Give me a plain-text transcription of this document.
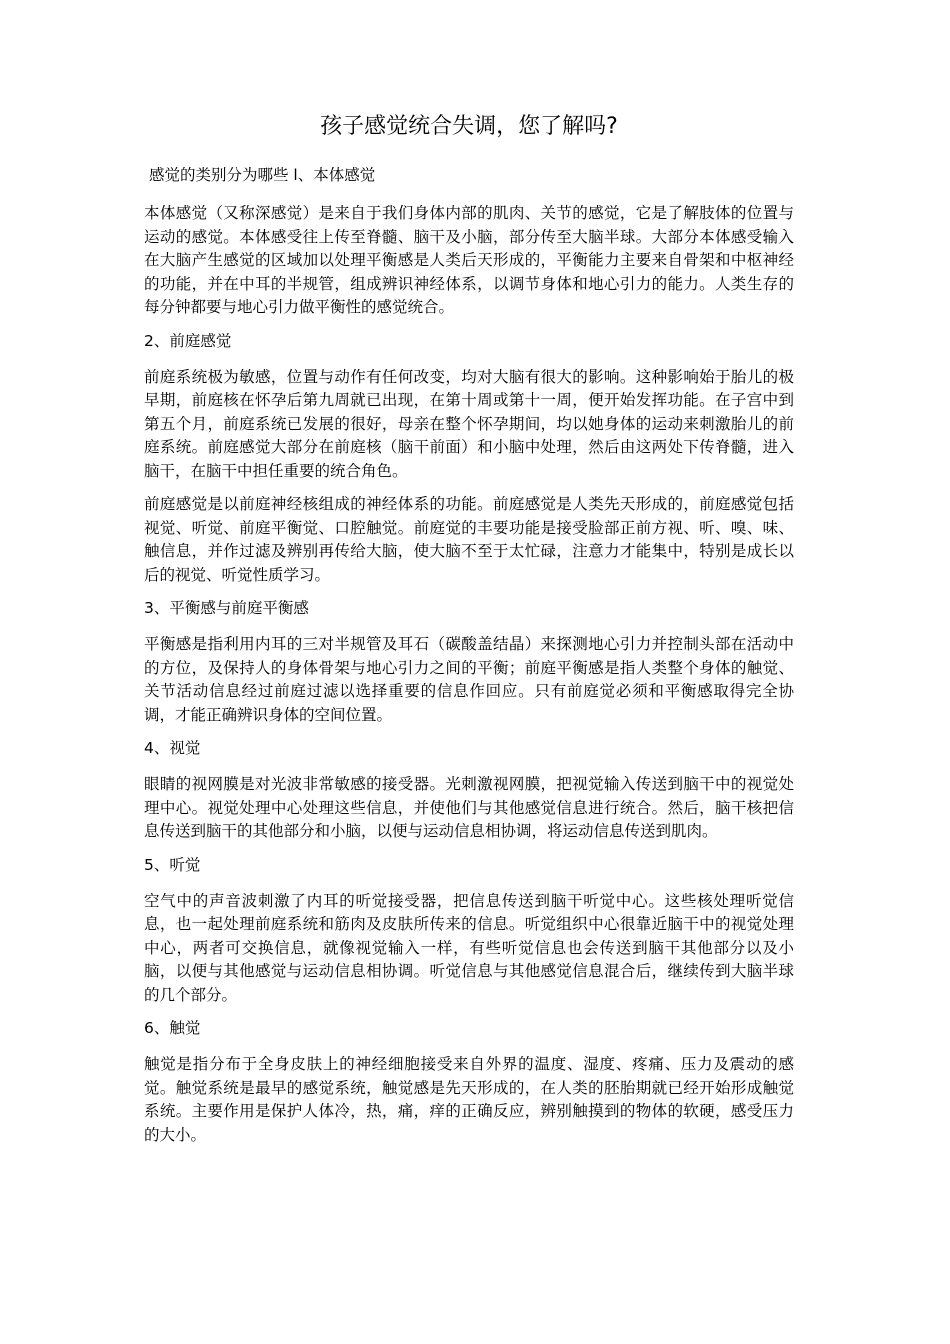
孩子感觉统合失调，您了解吗?
感觉的类别分为哪些 l、本体感觉

本体感觉（又称深感觉）是来自于我们身体内部的肌肉、关节的感觉，它是了解肢体的位置与运动的感觉。本体感受往上传至脊髓、脑干及小脑，部分传至大脑半球。大部分本体感受输入在大脑产生感觉的区域加以处理平衡感是人类后天形成的，平衡能力主要来自骨架和中枢神经的功能，并在中耳的半规管，组成辨识神经体系，以调节身体和地心引力的能力。人类生存的每分钟都要与地心引力做平衡性的感觉统合。

2、前庭感觉

前庭系统极为敏感，位置与动作有任何改变，均对大脑有很大的影响。这种影响始于胎儿的极早期，前庭核在怀孕后第九周就已出现，在第十周或第十一周，便开始发挥功能。在子宫中到第五个月，前庭系统已发展的很好，母亲在整个怀孕期间，均以她身体的运动来刺激胎儿的前庭系统。前庭感觉大部分在前庭核（脑干前面）和小脑中处理，然后由这两处下传脊髓，进入脑干，在脑干中担任重要的统合角色。

前庭感觉是以前庭神经核组成的神经体系的功能。前庭感觉是人类先天形成的，前庭感觉包括视觉、听觉、前庭平衡觉、口腔触觉。前庭觉的丰要功能是接受脸部正前方视、听、嗅、味、触信息，并作过滤及辨别再传给大脑，使大脑不至于太忙碌，注意力才能集中，特别是成长以后的视觉、听觉性质学习。

3、平衡感与前庭平衡感

平衡感是指利用内耳的三对半规管及耳石（碳酸盖结晶）来探测地心引力并控制头部在活动中的方位，及保持人的身体骨架与地心引力之间的平衡；前庭平衡感是指人类整个身体的触觉、关节活动信息经过前庭过滤以选择重要的信息作回应。只有前庭觉必须和平衡感取得完全协调，才能正确辨识身体的空间位置。

4、视觉

眼睛的视网膜是对光波非常敏感的接受器。光刺激视网膜，把视觉输入传送到脑干中的视觉处理中心。视觉处理中心处理这些信息，并使他们与其他感觉信息进行统合。然后，脑干核把信息传送到脑干的其他部分和小脑，以便与运动信息相协调，将运动信息传送到肌肉。

5、听觉

空气中的声音波刺激了内耳的听觉接受器，把信息传送到脑干听觉中心。这些核处理听觉信息，也一起处理前庭系统和筋肉及皮肤所传来的信息。听觉组织中心很靠近脑干中的视觉处理中心，两者可交换信息，就像视觉输入一样，有些听觉信息也会传送到脑干其他部分以及小脑，以便与其他感觉与运动信息相协调。听觉信息与其他感觉信息混合后，继续传到大脑半球的几个部分。

6、触觉

触觉是指分布于全身皮肤上的神经细胞接受来自外界的温度、湿度、疼痛、压力及震动的感觉。触觉系统是最早的感觉系统，触觉感是先天形成的，在人类的胚胎期就已经开始形成触觉系统。主要作用是保护人体冷，热，痛，痒的正确反应，辨别触摸到的物体的软硬，感受压力的大小。
